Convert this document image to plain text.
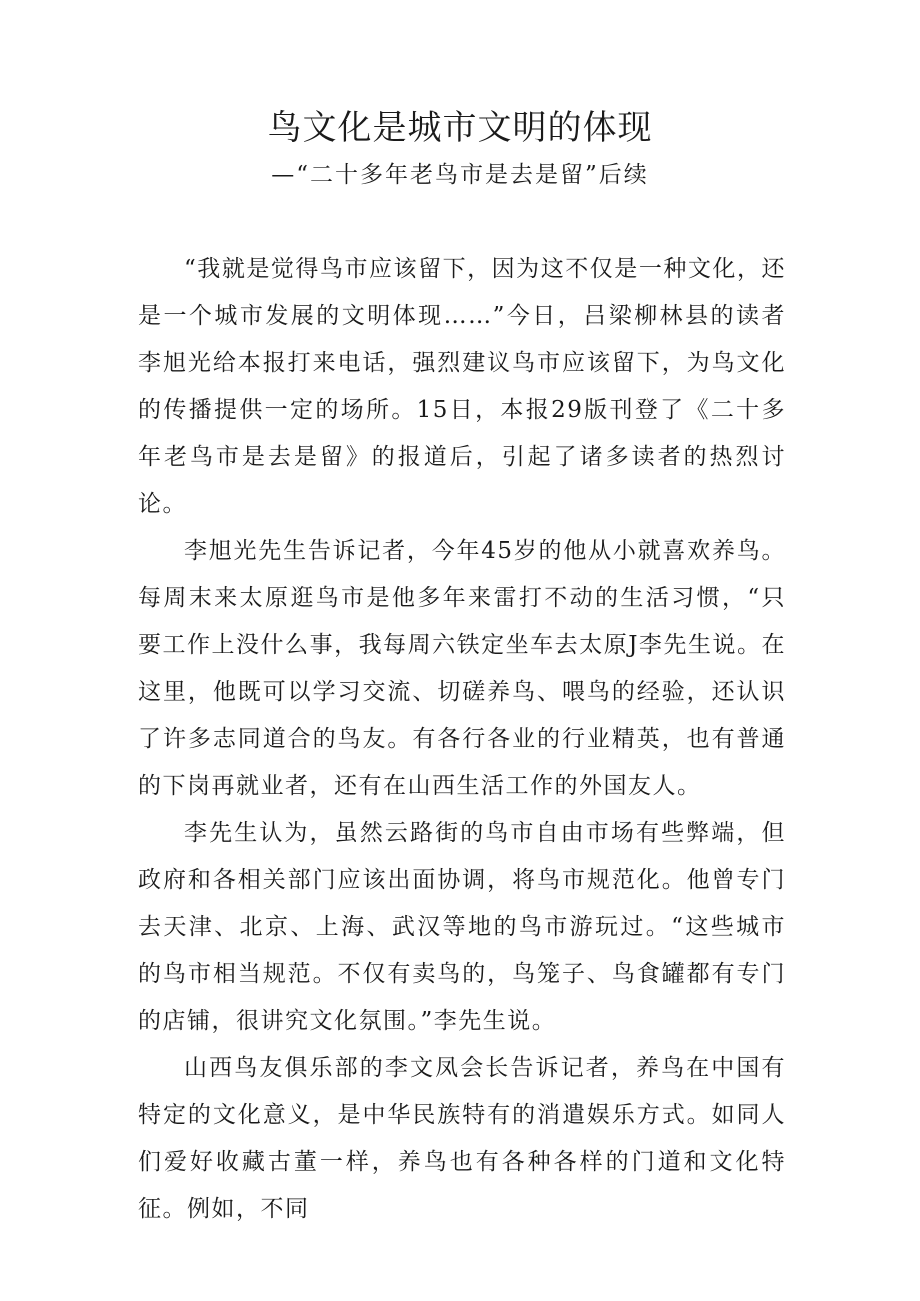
鸟文化是城市文明的体现
—“二十多年老鸟市是去是留”后续

“我就是觉得鸟市应该留下，因为这不仅是一种文化，还是一个城市发展的文明体现……”今日，吕梁柳林县的读者李旭光给本报打来电话，强烈建议鸟市应该留下，为鸟文化的传播提供一定的场所。15日，本报29版刊登了《二十多年老鸟市是去是留》的报道后，引起了诸多读者的热烈讨论。

李旭光先生告诉记者，今年45岁的他从小就喜欢养鸟。每周末来太原逛鸟市是他多年来雷打不动的生活习惯，“只要工作上没什么事，我每周六铁定坐车去太原J李先生说。在这里，他既可以学习交流、切磋养鸟、喂鸟的经验，还认识了许多志同道合的鸟友。有各行各业的行业精英，也有普通的下岗再就业者，还有在山西生活工作的外国友人。

李先生认为，虽然云路街的鸟市自由市场有些弊端，但政府和各相关部门应该出面协调，将鸟市规范化。他曾专门去天津、北京、上海、武汉等地的鸟市游玩过。“这些城市的鸟市相当规范。不仅有卖鸟的，鸟笼子、鸟食罐都有专门的店铺，很讲究文化氛围。”李先生说。

山西鸟友俱乐部的李文凤会长告诉记者，养鸟在中国有特定的文化意义，是中华民族特有的消遣娱乐方式。如同人们爱好收藏古董一样，养鸟也有各种各样的门道和文化特征。例如，不同
